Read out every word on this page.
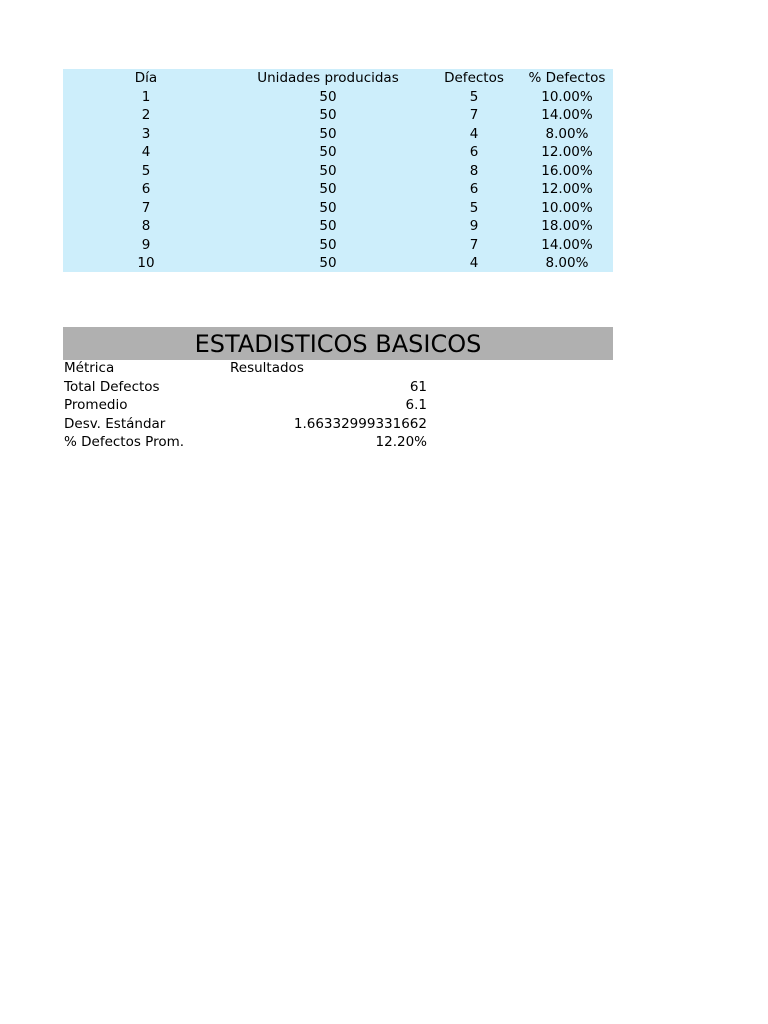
Día	Unidades producidas	Defectos	% Defectos
1	50	5	10.00%
2	50	7	14.00%
3	50	4	8.00%
4	50	6	12.00%
5	50	8	16.00%
6	50	6	12.00%
7	50	5	10.00%
8	50	9	18.00%
9	50	7	14.00%
10	50	4	8.00%
ESTADISTICOS BASICOS
Métrica	Resultados
Total Defectos	61
Promedio	6.1
Desv. Estándar	1.66332999331662
% Defectos Prom.	12.20%
